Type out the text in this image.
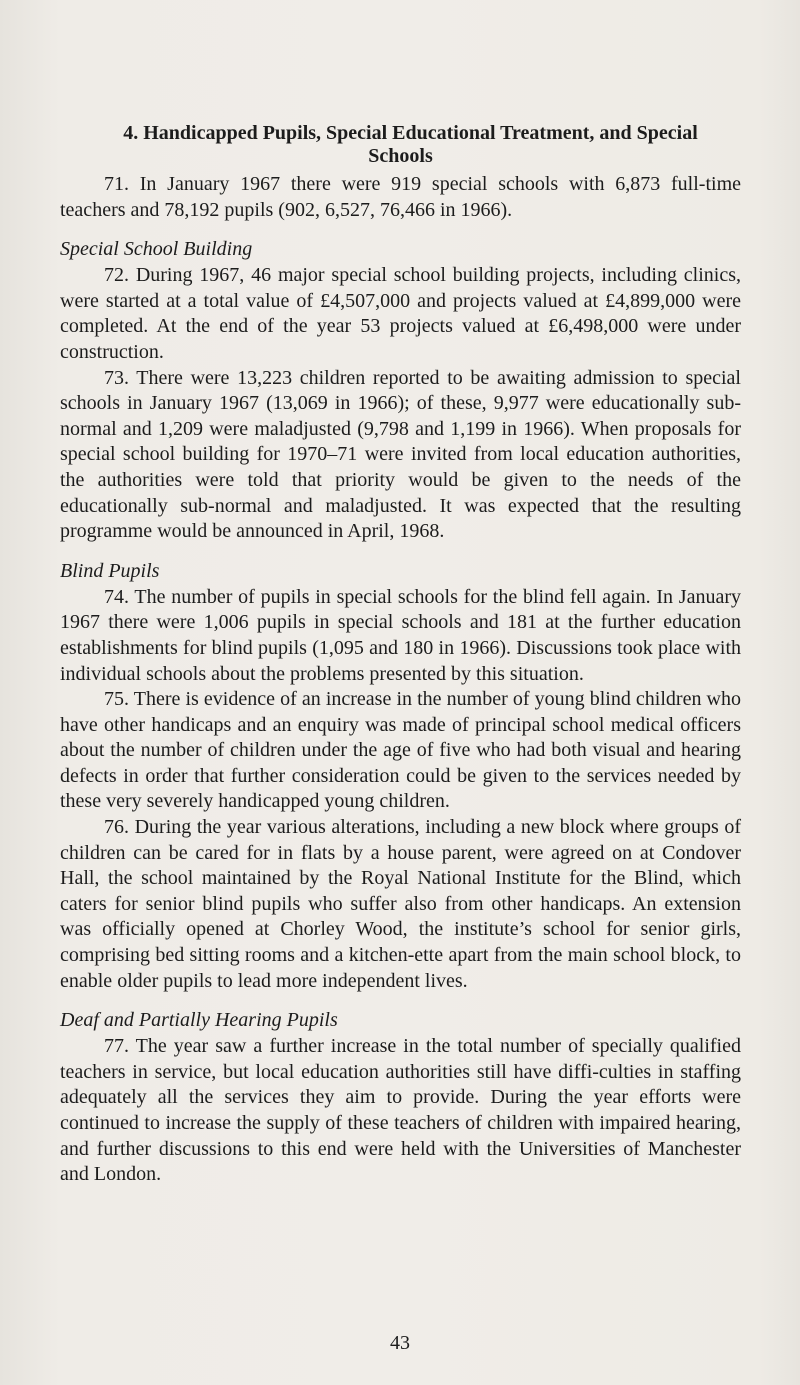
4. Handicapped Pupils, Special Educational Treatment, and Special
Schools

71. In January 1967 there were 919 special schools with 6,873 full-time teachers and 78,192 pupils (902, 6,527, 76,466 in 1966).

Special School Building

72. During 1967, 46 major special school building projects, including clinics, were started at a total value of £4,507,000 and projects valued at £4,899,000 were completed. At the end of the year 53 projects valued at £6,498,000 were under construction.

73. There were 13,223 children reported to be awaiting admission to special schools in January 1967 (13,069 in 1966); of these, 9,977 were educationally sub-normal and 1,209 were maladjusted (9,798 and 1,199 in 1966). When proposals for special school building for 1970–71 were invited from local education authorities, the authorities were told that priority would be given to the needs of the educationally sub-normal and maladjusted. It was expected that the resulting programme would be announced in April, 1968.

Blind Pupils

74. The number of pupils in special schools for the blind fell again. In January 1967 there were 1,006 pupils in special schools and 181 at the further education establishments for blind pupils (1,095 and 180 in 1966). Discussions took place with individual schools about the problems presented by this situation.

75. There is evidence of an increase in the number of young blind children who have other handicaps and an enquiry was made of principal school medical officers about the number of children under the age of five who had both visual and hearing defects in order that further consideration could be given to the services needed by these very severely handicapped young children.

76. During the year various alterations, including a new block where groups of children can be cared for in flats by a house parent, were agreed on at Condover Hall, the school maintained by the Royal National Institute for the Blind, which caters for senior blind pupils who suffer also from other handicaps. An extension was officially opened at Chorley Wood, the institute’s school for senior girls, comprising bed sitting rooms and a kitchen-ette apart from the main school block, to enable older pupils to lead more independent lives.

Deaf and Partially Hearing Pupils

77. The year saw a further increase in the total number of specially qualified teachers in service, but local education authorities still have diffi-culties in staffing adequately all the services they aim to provide. During the year efforts were continued to increase the supply of these teachers of children with impaired hearing, and further discussions to this end were held with the Universities of Manchester and London.

43
